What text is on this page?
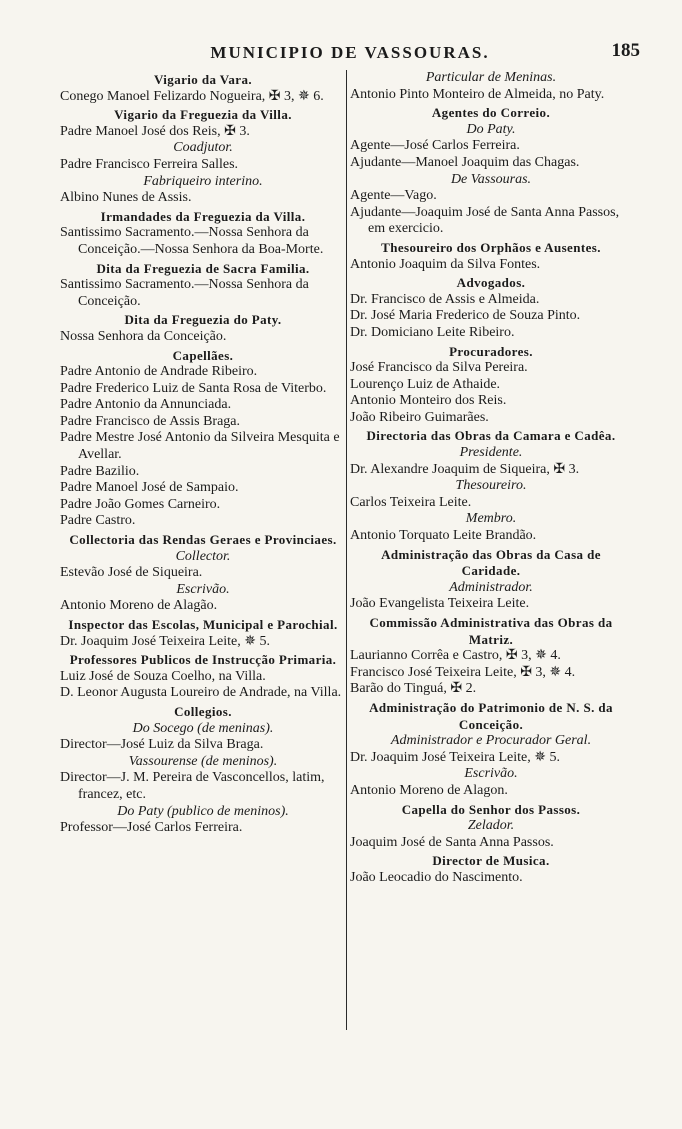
MUNICIPIO DE VASSOURAS.	185
Vigario da Vara.
Conego Manoel Felizardo Nogueira, ✠ 3, ✵ 6.
Vigario da Freguezia da Villa.
Padre Manoel José dos Reis, ✠ 3.
Coadjutor.
Padre Francisco Ferreira Salles.
Fabriqueiro interino.
Albino Nunes de Assis.
Irmandades da Freguezia da Villa.
Santissimo Sacramento.—Nossa Senhora da Conceição.—Nossa Senhora da Boa-Morte.
Dita da Freguezia de Sacra Familia.
Santissimo Sacramento.—Nossa Senhora da Conceição.
Dita da Freguezia do Paty.
Nossa Senhora da Conceição.
Capellães.
Padre Antonio de Andrade Ribeiro.
Padre Frederico Luiz de Santa Rosa de Viterbo.
Padre Antonio da Annunciada.
Padre Francisco de Assis Braga.
Padre Mestre José Antonio da Silveira Mesquita e Avellar.
Padre Bazilio.
Padre Manoel José de Sampaio.
Padre João Gomes Carneiro.
Padre Castro.
Collectoria das Rendas Geraes e Provinciaes.
Collector.
Estevão José de Siqueira.
Escrivão.
Antonio Moreno de Alagão.
Inspector das Escolas, Municipal e Parochial.
Dr. Joaquim José Teixeira Leite, ✵ 5.
Professores Publicos de Instrucção Primaria.
Luiz José de Souza Coelho, na Villa.
D. Leonor Augusta Loureiro de Andrade, na Villa.
Collegios.
Do Socego (de meninas).
Director—José Luiz da Silva Braga.
Vassourense (de meninos).
Director—J. M. Pereira de Vasconcellos, latim, francez, etc.
Do Paty (publico de meninos).
Professor—José Carlos Ferreira.
Particular de Meninas.
Antonio Pinto Monteiro de Almeida, no Paty.
Agentes do Correio.
Do Paty.
Agente—José Carlos Ferreira.
Ajudante—Manoel Joaquim das Chagas.
De Vassouras.
Agente—Vago.
Ajudante—Joaquim José de Santa Anna Passos, em exercicio.
Thesoureiro dos Orphãos e Ausentes.
Antonio Joaquim da Silva Fontes.
Advogados.
Dr. Francisco de Assis e Almeida.
Dr. José Maria Frederico de Souza Pinto.
Dr. Domiciano Leite Ribeiro.
Procuradores.
José Francisco da Silva Pereira.
Lourenço Luiz de Athaide.
Antonio Monteiro dos Reis.
João Ribeiro Guimarães.
Directoria das Obras da Camara e Cadêa.
Presidente.
Dr. Alexandre Joaquim de Siqueira, ✠ 3.
Thesoureiro.
Carlos Teixeira Leite.
Membro.
Antonio Torquato Leite Brandão.
Administração das Obras da Casa de Caridade.
Administrador.
João Evangelista Teixeira Leite.
Commissão Administrativa das Obras da Matriz.
Laurianno Corrêa e Castro, ✠ 3, ✵ 4.
Francisco José Teixeira Leite, ✠ 3, ✵ 4.
Barão do Tinguá, ✠ 2.
Administração do Patrimonio de N. S. da Conceição.
Administrador e Procurador Geral.
Dr. Joaquim José Teixeira Leite, ✵ 5.
Escrivão.
Antonio Moreno de Alagon.
Capella do Senhor dos Passos.
Zelador.
Joaquim José de Santa Anna Passos.
Director de Musica.
João Leocadio do Nascimento.
